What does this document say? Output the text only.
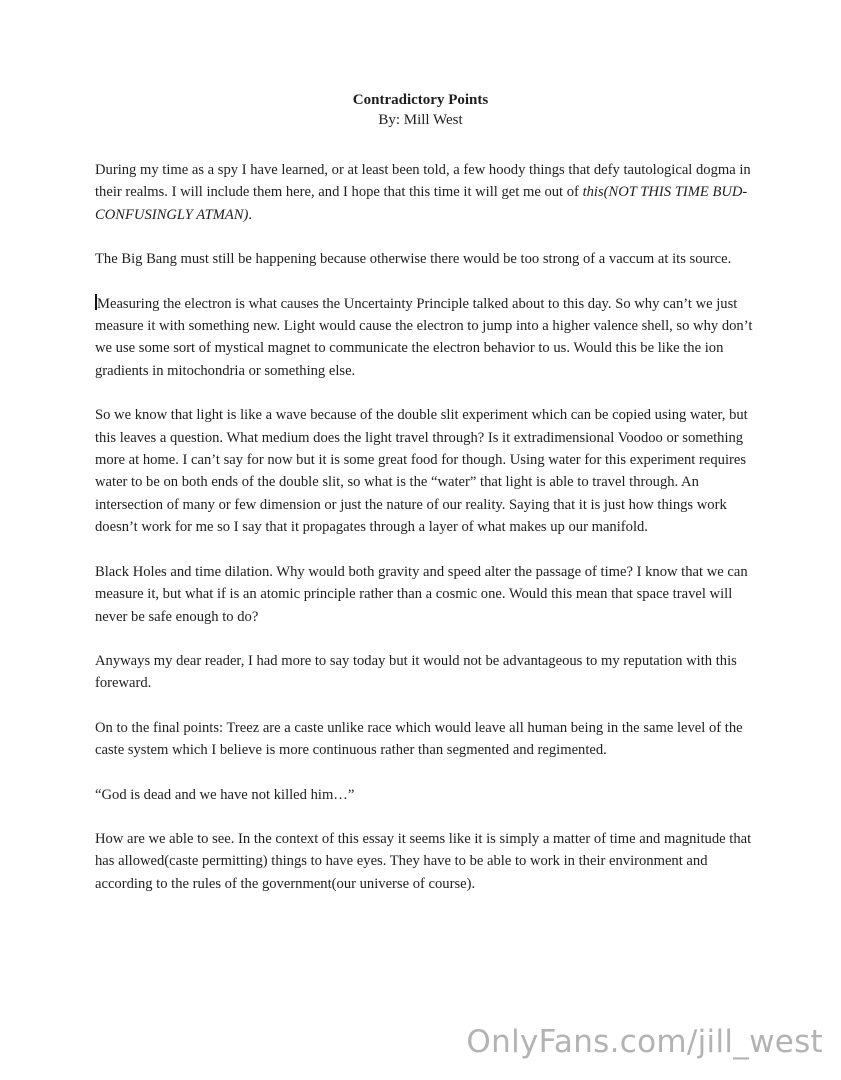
Contradictory Points

By: Mill West

During my time as a spy I have learned, or at least been told, a few hoody things that defy tautological dogma in their realms. I will include them here, and I hope that this time it will get me out of this(NOT THIS TIME BUD- CONFUSINGLY ATMAN).

The Big Bang must still be happening because otherwise there would be too strong of a vaccum at its source.

Measuring the electron is what causes the Uncertainty Principle talked about to this day. So why can’t we just measure it with something new. Light would cause the electron to jump into a higher valence shell, so why don’t we use some sort of mystical magnet to communicate the electron behavior to us. Would this be like the ion gradients in mitochondria or something else.

So we know that light is like a wave because of the double slit experiment which can be copied using water, but this leaves a question. What medium does the light travel through? Is it extradimensional Voodoo or something more at home. I can’t say for now but it is some great food for though. Using water for this experiment requires water to be on both ends of the double slit, so what is the “water” that light is able to travel through. An intersection of many or few dimension or just the nature of our reality. Saying that it is just how things work doesn’t work for me so I say that it propagates through a layer of what makes up our manifold.

Black Holes and time dilation. Why would both gravity and speed alter the passage of time? I know that we can measure it, but what if is an atomic principle rather than a cosmic one. Would this mean that space travel will never be safe enough to do?

Anyways my dear reader, I had more to say today but it would not be advantageous to my reputation with this foreward.

On to the final points: Treez are a caste unlike race which would leave all human being in the same level of the caste system which I believe is more continuous rather than segmented and regimented.

“God is dead and we have not killed him…”

How are we able to see. In the context of this essay it seems like it is simply a matter of time and magnitude that has allowed(caste permitting) things to have eyes. They have to be able to work in their environment and according to the rules of the government(our universe of course).

OnlyFans.com/jill_west
